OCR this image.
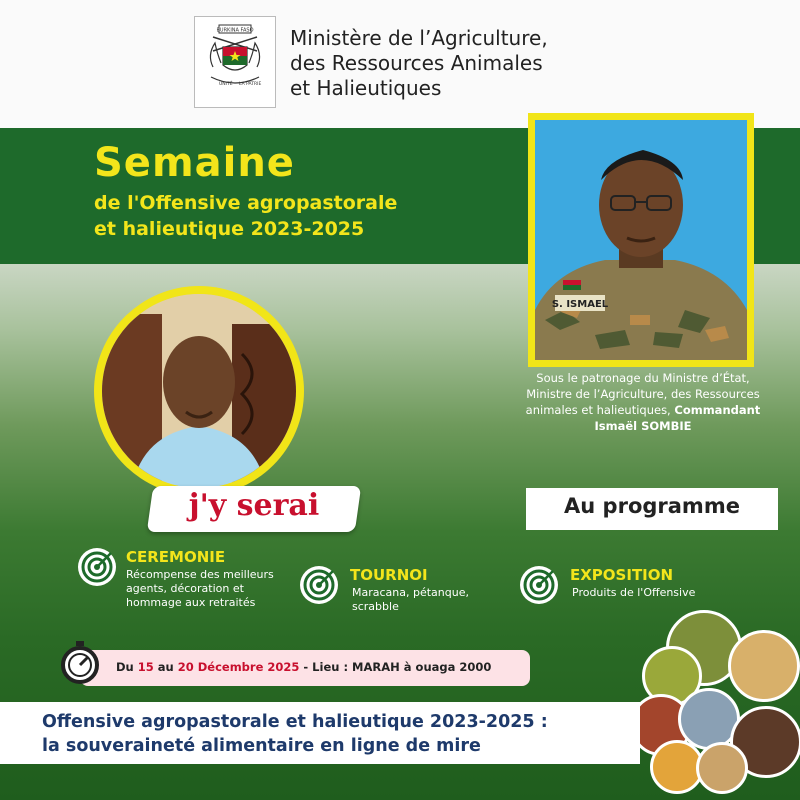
BURKINA FASO
UNITÉ LA PATRIE
Ministère de l’Agriculture,
des Ressources Animales
et Halieutiques
Semaine
de l'Offensive agropastorale
et halieutique 2023-2025
S. ISMAEL
Sous le patronage du Ministre d’État,
Ministre de l’Agriculture, des Ressources
animales et halieutiques, Commandant
Ismaël SOMBIE
j'y serai	Au programme
CEREMONIE
Récompense des meilleurs
agents, décoration et
hommage aux retraités
TOURNOI
Maracana, pétanque,
scrabble
EXPOSITION
Produits de l'Offensive
Du 15 au 20 Décembre 2025 - Lieu : MARAH à ouaga 2000
Offensive agropastorale et halieutique 2023-2025 :
la souveraineté alimentaire en ligne de mire
